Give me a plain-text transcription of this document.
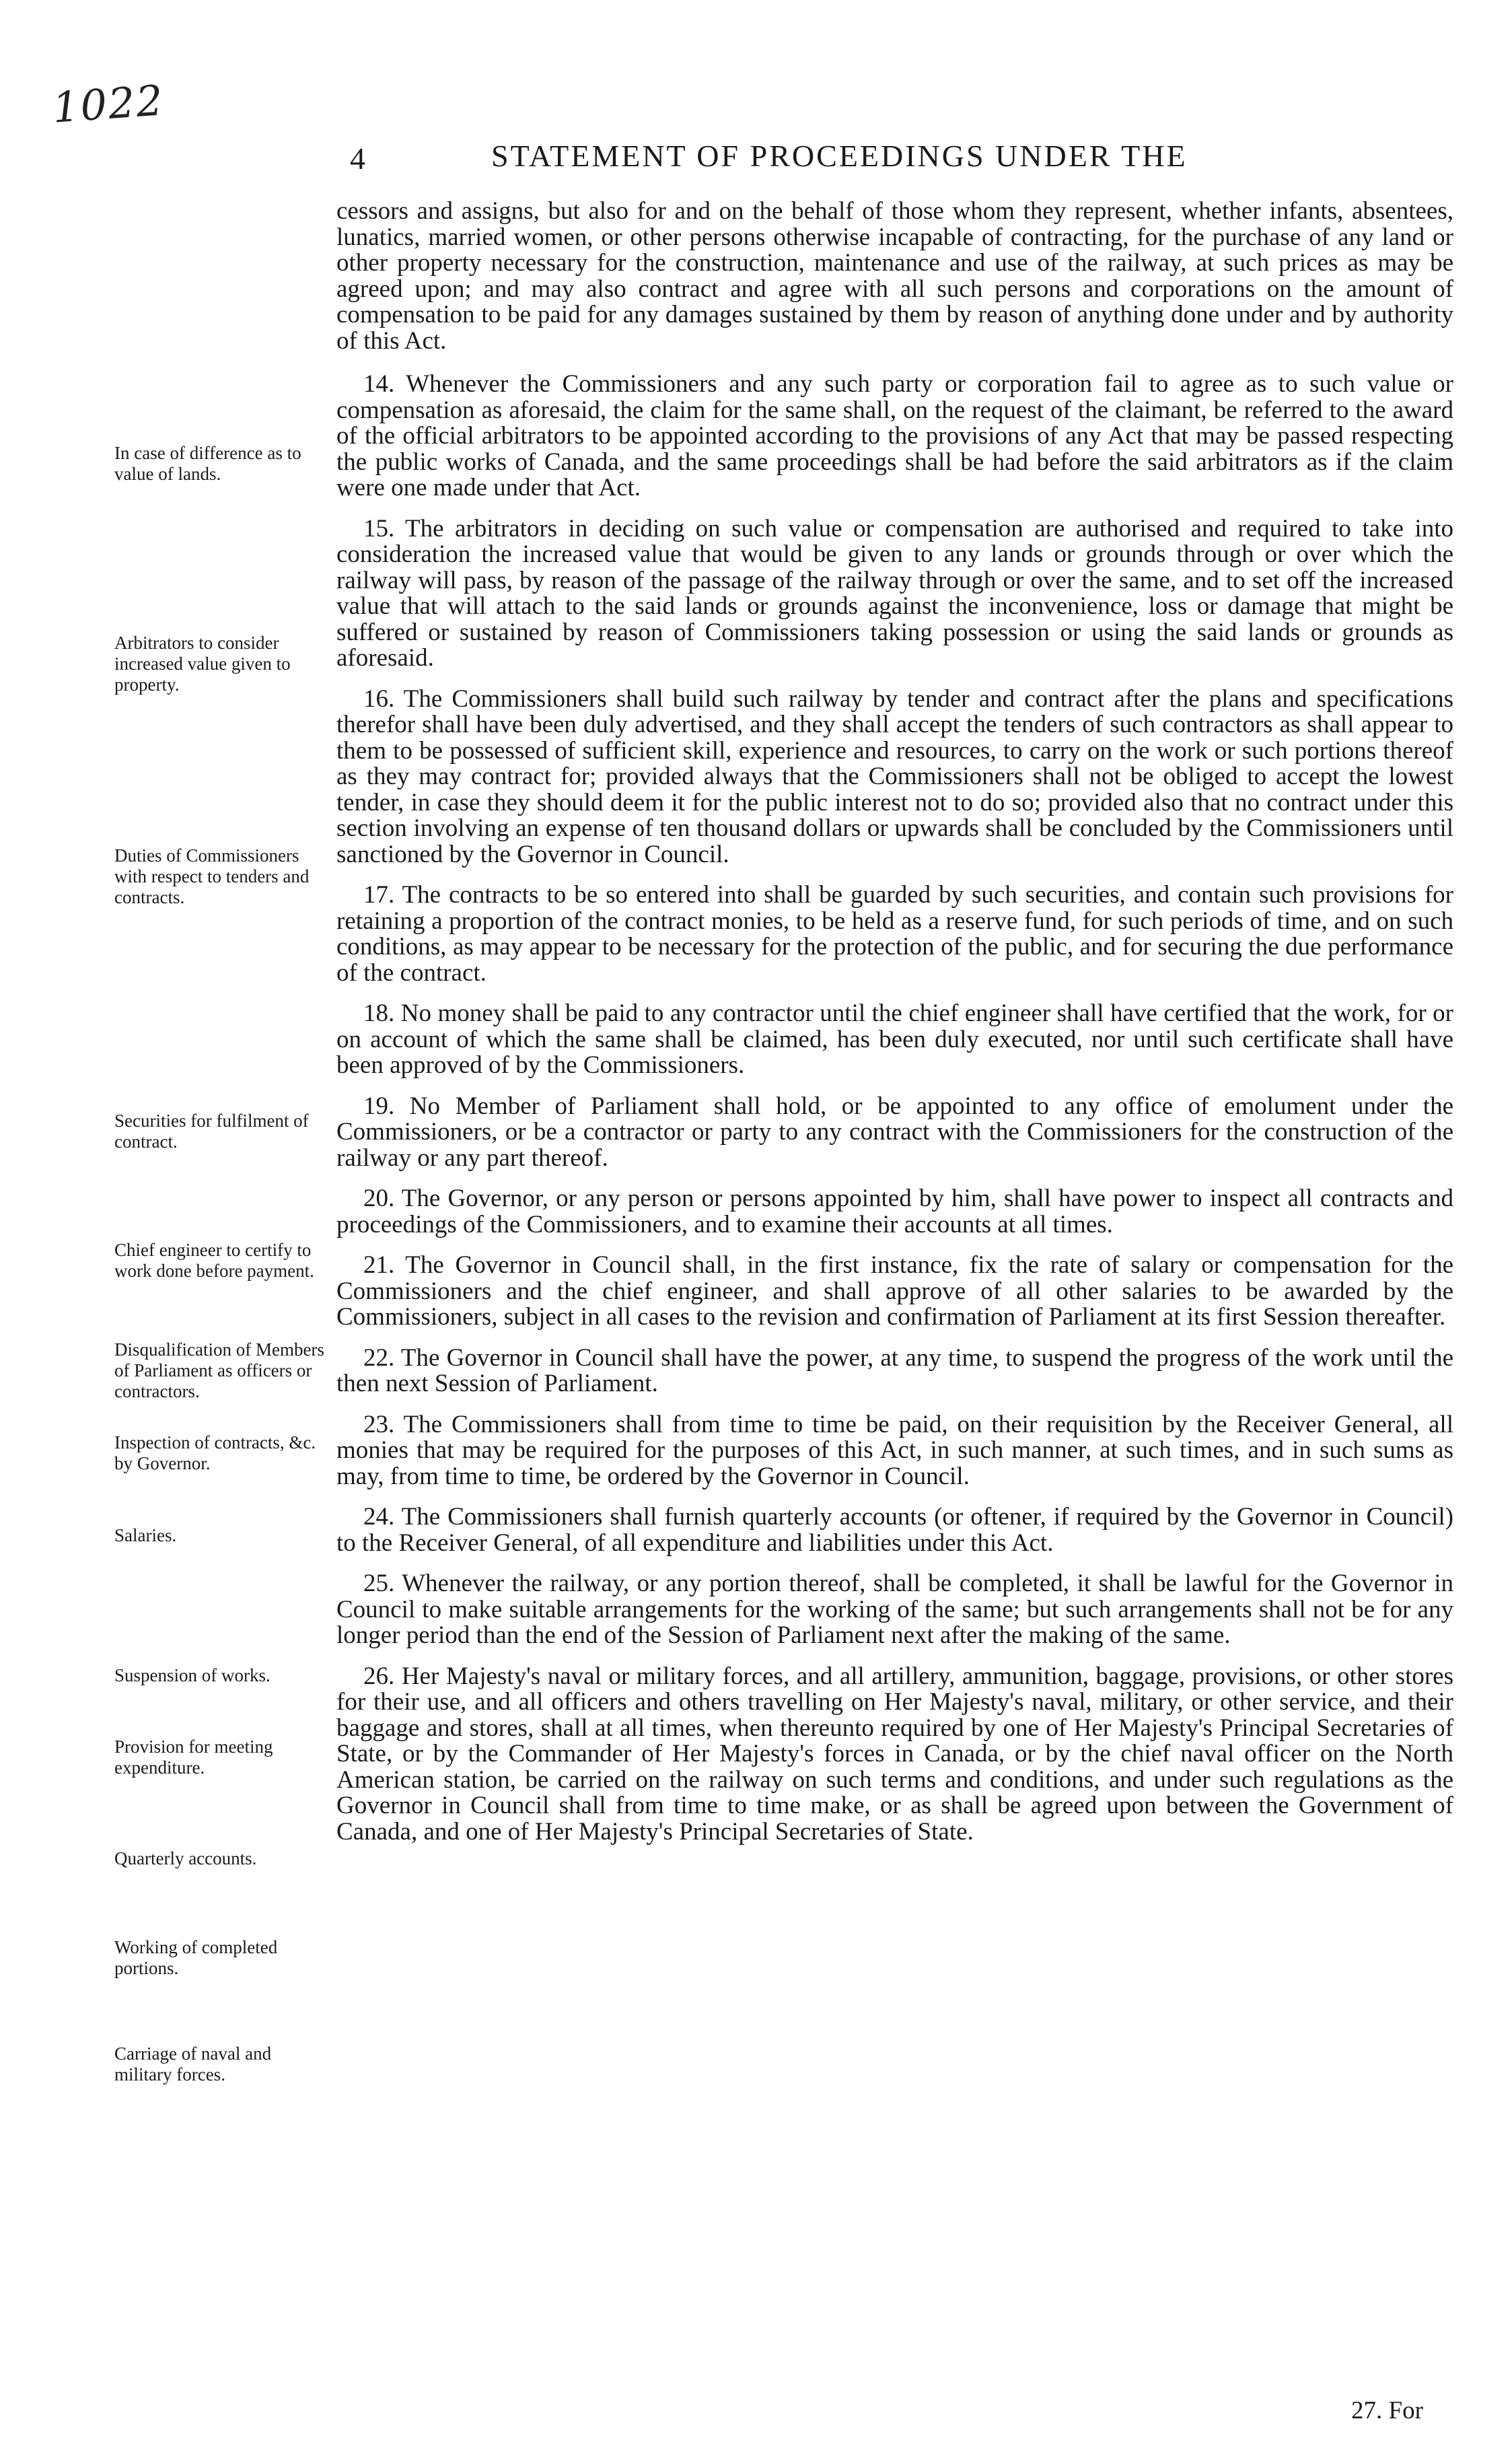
1022
4	STATEMENT OF PROCEEDINGS UNDER THE

In case of difference as to value of lands.

Arbitrators to consider increased value given to property.

Duties of Commissioners with respect to tenders and contracts.

Securities for fulfilment of contract.

Chief engineer to certify to work done before payment.

Disqualification of Members of Parliament as officers or contractors.

Inspection of contracts, &c. by Governor.

Salaries.

Suspension of works.

Provision for meeting expenditure.

Quarterly accounts.

Working of completed portions.

Carriage of naval and military forces.

cessors and assigns, but also for and on the behalf of those whom they represent, whether infants, absentees, lunatics, married women, or other persons otherwise incapable of contracting, for the purchase of any land or other property necessary for the construction, maintenance and use of the railway, at such prices as may be agreed upon; and may also contract and agree with all such persons and corporations on the amount of compensation to be paid for any damages sustained by them by reason of anything done under and by authority of this Act.

14. Whenever the Commissioners and any such party or corporation fail to agree as to such value or compensation as aforesaid, the claim for the same shall, on the request of the claimant, be referred to the award of the official arbitrators to be appointed according to the provisions of any Act that may be passed respecting the public works of Canada, and the same proceedings shall be had before the said arbitrators as if the claim were one made under that Act.

15. The arbitrators in deciding on such value or compensation are authorised and required to take into consideration the increased value that would be given to any lands or grounds through or over which the railway will pass, by reason of the passage of the railway through or over the same, and to set off the increased value that will attach to the said lands or grounds against the inconvenience, loss or damage that might be suffered or sustained by reason of Commissioners taking possession or using the said lands or grounds as aforesaid.

16. The Commissioners shall build such railway by tender and contract after the plans and specifications therefor shall have been duly advertised, and they shall accept the tenders of such contractors as shall appear to them to be possessed of sufficient skill, experience and resources, to carry on the work or such portions thereof as they may contract for; provided always that the Commissioners shall not be obliged to accept the lowest tender, in case they should deem it for the public interest not to do so; provided also that no contract under this section involving an expense of ten thousand dollars or upwards shall be concluded by the Commissioners until sanctioned by the Governor in Council.

17. The contracts to be so entered into shall be guarded by such securities, and contain such provisions for retaining a proportion of the contract monies, to be held as a reserve fund, for such periods of time, and on such conditions, as may appear to be necessary for the protection of the public, and for securing the due performance of the contract.

18. No money shall be paid to any contractor until the chief engineer shall have certified that the work, for or on account of which the same shall be claimed, has been duly executed, nor until such certificate shall have been approved of by the Commissioners.

19. No Member of Parliament shall hold, or be appointed to any office of emolument under the Commissioners, or be a contractor or party to any contract with the Commissioners for the construction of the railway or any part thereof.

20. The Governor, or any person or persons appointed by him, shall have power to inspect all contracts and proceedings of the Commissioners, and to examine their accounts at all times.

21. The Governor in Council shall, in the first instance, fix the rate of salary or compensation for the Commissioners and the chief engineer, and shall approve of all other salaries to be awarded by the Commissioners, subject in all cases to the revision and confirmation of Parliament at its first Session thereafter.

22. The Governor in Council shall have the power, at any time, to suspend the progress of the work until the then next Session of Parliament.

23. The Commissioners shall from time to time be paid, on their requisition by the Receiver General, all monies that may be required for the purposes of this Act, in such manner, at such times, and in such sums as may, from time to time, be ordered by the Governor in Council.

24. The Commissioners shall furnish quarterly accounts (or oftener, if required by the Governor in Council) to the Receiver General, of all expenditure and liabilities under this Act.

25. Whenever the railway, or any portion thereof, shall be completed, it shall be lawful for the Governor in Council to make suitable arrangements for the working of the same; but such arrangements shall not be for any longer period than the end of the Session of Parliament next after the making of the same.

26. Her Majesty's naval or military forces, and all artillery, ammunition, baggage, provisions, or other stores for their use, and all officers and others travelling on Her Majesty's naval, military, or other service, and their baggage and stores, shall at all times, when thereunto required by one of Her Majesty's Principal Secretaries of State, or by the Commander of Her Majesty's forces in Canada, or by the chief naval officer on the North American station, be carried on the railway on such terms and conditions, and under such regulations as the Governor in Council shall from time to time make, or as shall be agreed upon between the Government of Canada, and one of Her Majesty's Principal Secretaries of State.

27. For
